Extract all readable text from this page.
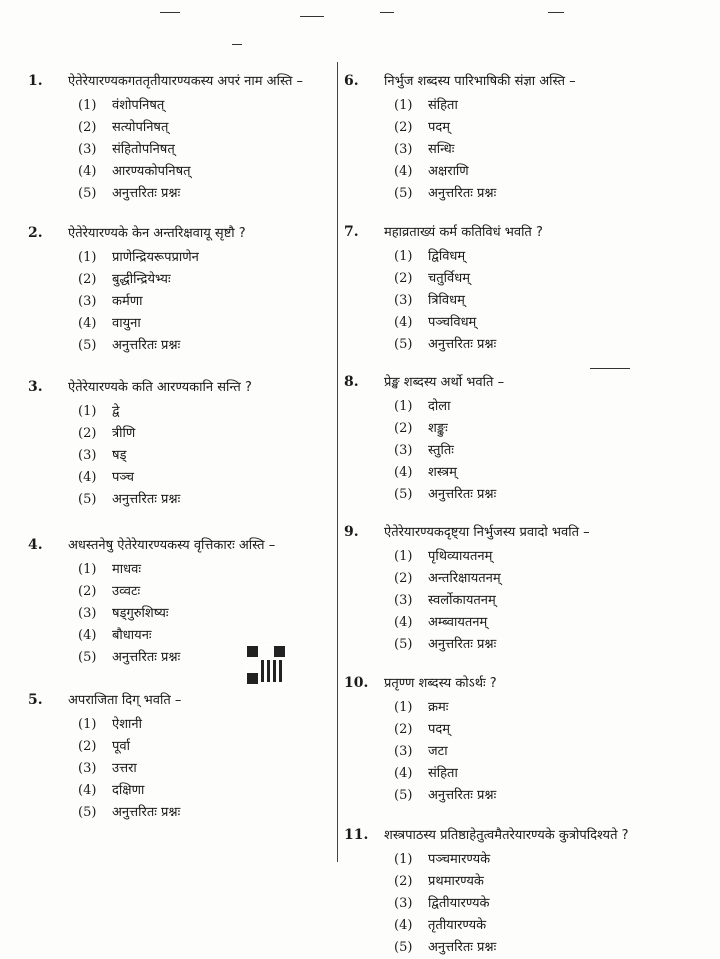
1.	ऐतेरेयारण्यकगततृतीयारण्यकस्य अपरं नाम अस्ति –
(1)	वंशोपनिषत्
(2)	सत्योपनिषत्
(3)	संहितोपनिषत्
(4)	आरण्यकोपनिषत्
(5)	अनुत्तरितः प्रश्नः
2.	ऐतेरेयारण्यके केन अन्तरिक्षवायू सृष्टौ ?
(1)	प्राणेन्द्रियरूपप्राणेन
(2)	बुद्धीन्द्रियेभ्यः
(3)	कर्मणा
(4)	वायुना
(5)	अनुत्तरितः प्रश्नः
3.	ऐतेरेयारण्यके कति आरण्यकानि सन्ति ?
(1)	द्वे
(2)	त्रीणि
(3)	षड्
(4)	पञ्च
(5)	अनुत्तरितः प्रश्नः
4.	अधस्तनेषु ऐतेरेयारण्यकस्य वृत्तिकारः अस्ति –
(1)	माधवः
(2)	उव्वटः
(3)	षड्गुरुशिष्यः
(4)	बौधायनः
(5)	अनुत्तरितः प्रश्नः
5.	अपराजिता दिग् भवति –
(1)	ऐशानी
(2)	पूर्वा
(3)	उत्तरा
(4)	दक्षिणा
(5)	अनुत्तरितः प्रश्नः
6.	निर्भुज शब्दस्य पारिभाषिकी संज्ञा अस्ति –
(1)	संहिता
(2)	पदम्
(3)	सन्धिः
(4)	अक्षराणि
(5)	अनुत्तरितः प्रश्नः
7.	महाव्रताख्यं कर्म कतिविधं भवति ?
(1)	द्विविधम्
(2)	चतुर्विधम्
(3)	त्रिविधम्
(4)	पञ्चविधम्
(5)	अनुत्तरितः प्रश्नः
8.	प्रेङ्ख शब्दस्य अर्थो भवति –
(1)	दोला
(2)	शङ्कुः
(3)	स्तुतिः
(4)	शस्त्रम्
(5)	अनुत्तरितः प्रश्नः
9.	ऐतेरेयारण्यकदृष्ट्या निर्भुजस्य प्रवादो भवति –
(1)	पृथिव्यायतनम्
(2)	अन्तरिक्षायतनम्
(3)	स्वर्लोकायतनम्
(4)	अम्ब्वायतनम्
(5)	अनुत्तरितः प्रश्नः
10.	प्रतृण्ण शब्दस्य कोऽर्थः ?
(1)	क्रमः
(2)	पदम्
(3)	जटा
(4)	संहिता
(5)	अनुत्तरितः प्रश्नः
11.	शस्त्रपाठस्य प्रतिष्ठाहेतुत्वमैतरेयारण्यके कुत्रोपदिश्यते ?
(1)	पञ्चमारण्यके
(2)	प्रथमारण्यके
(3)	द्वितीयारण्यके
(4)	तृतीयारण्यके
(5)	अनुत्तरितः प्रश्नः
